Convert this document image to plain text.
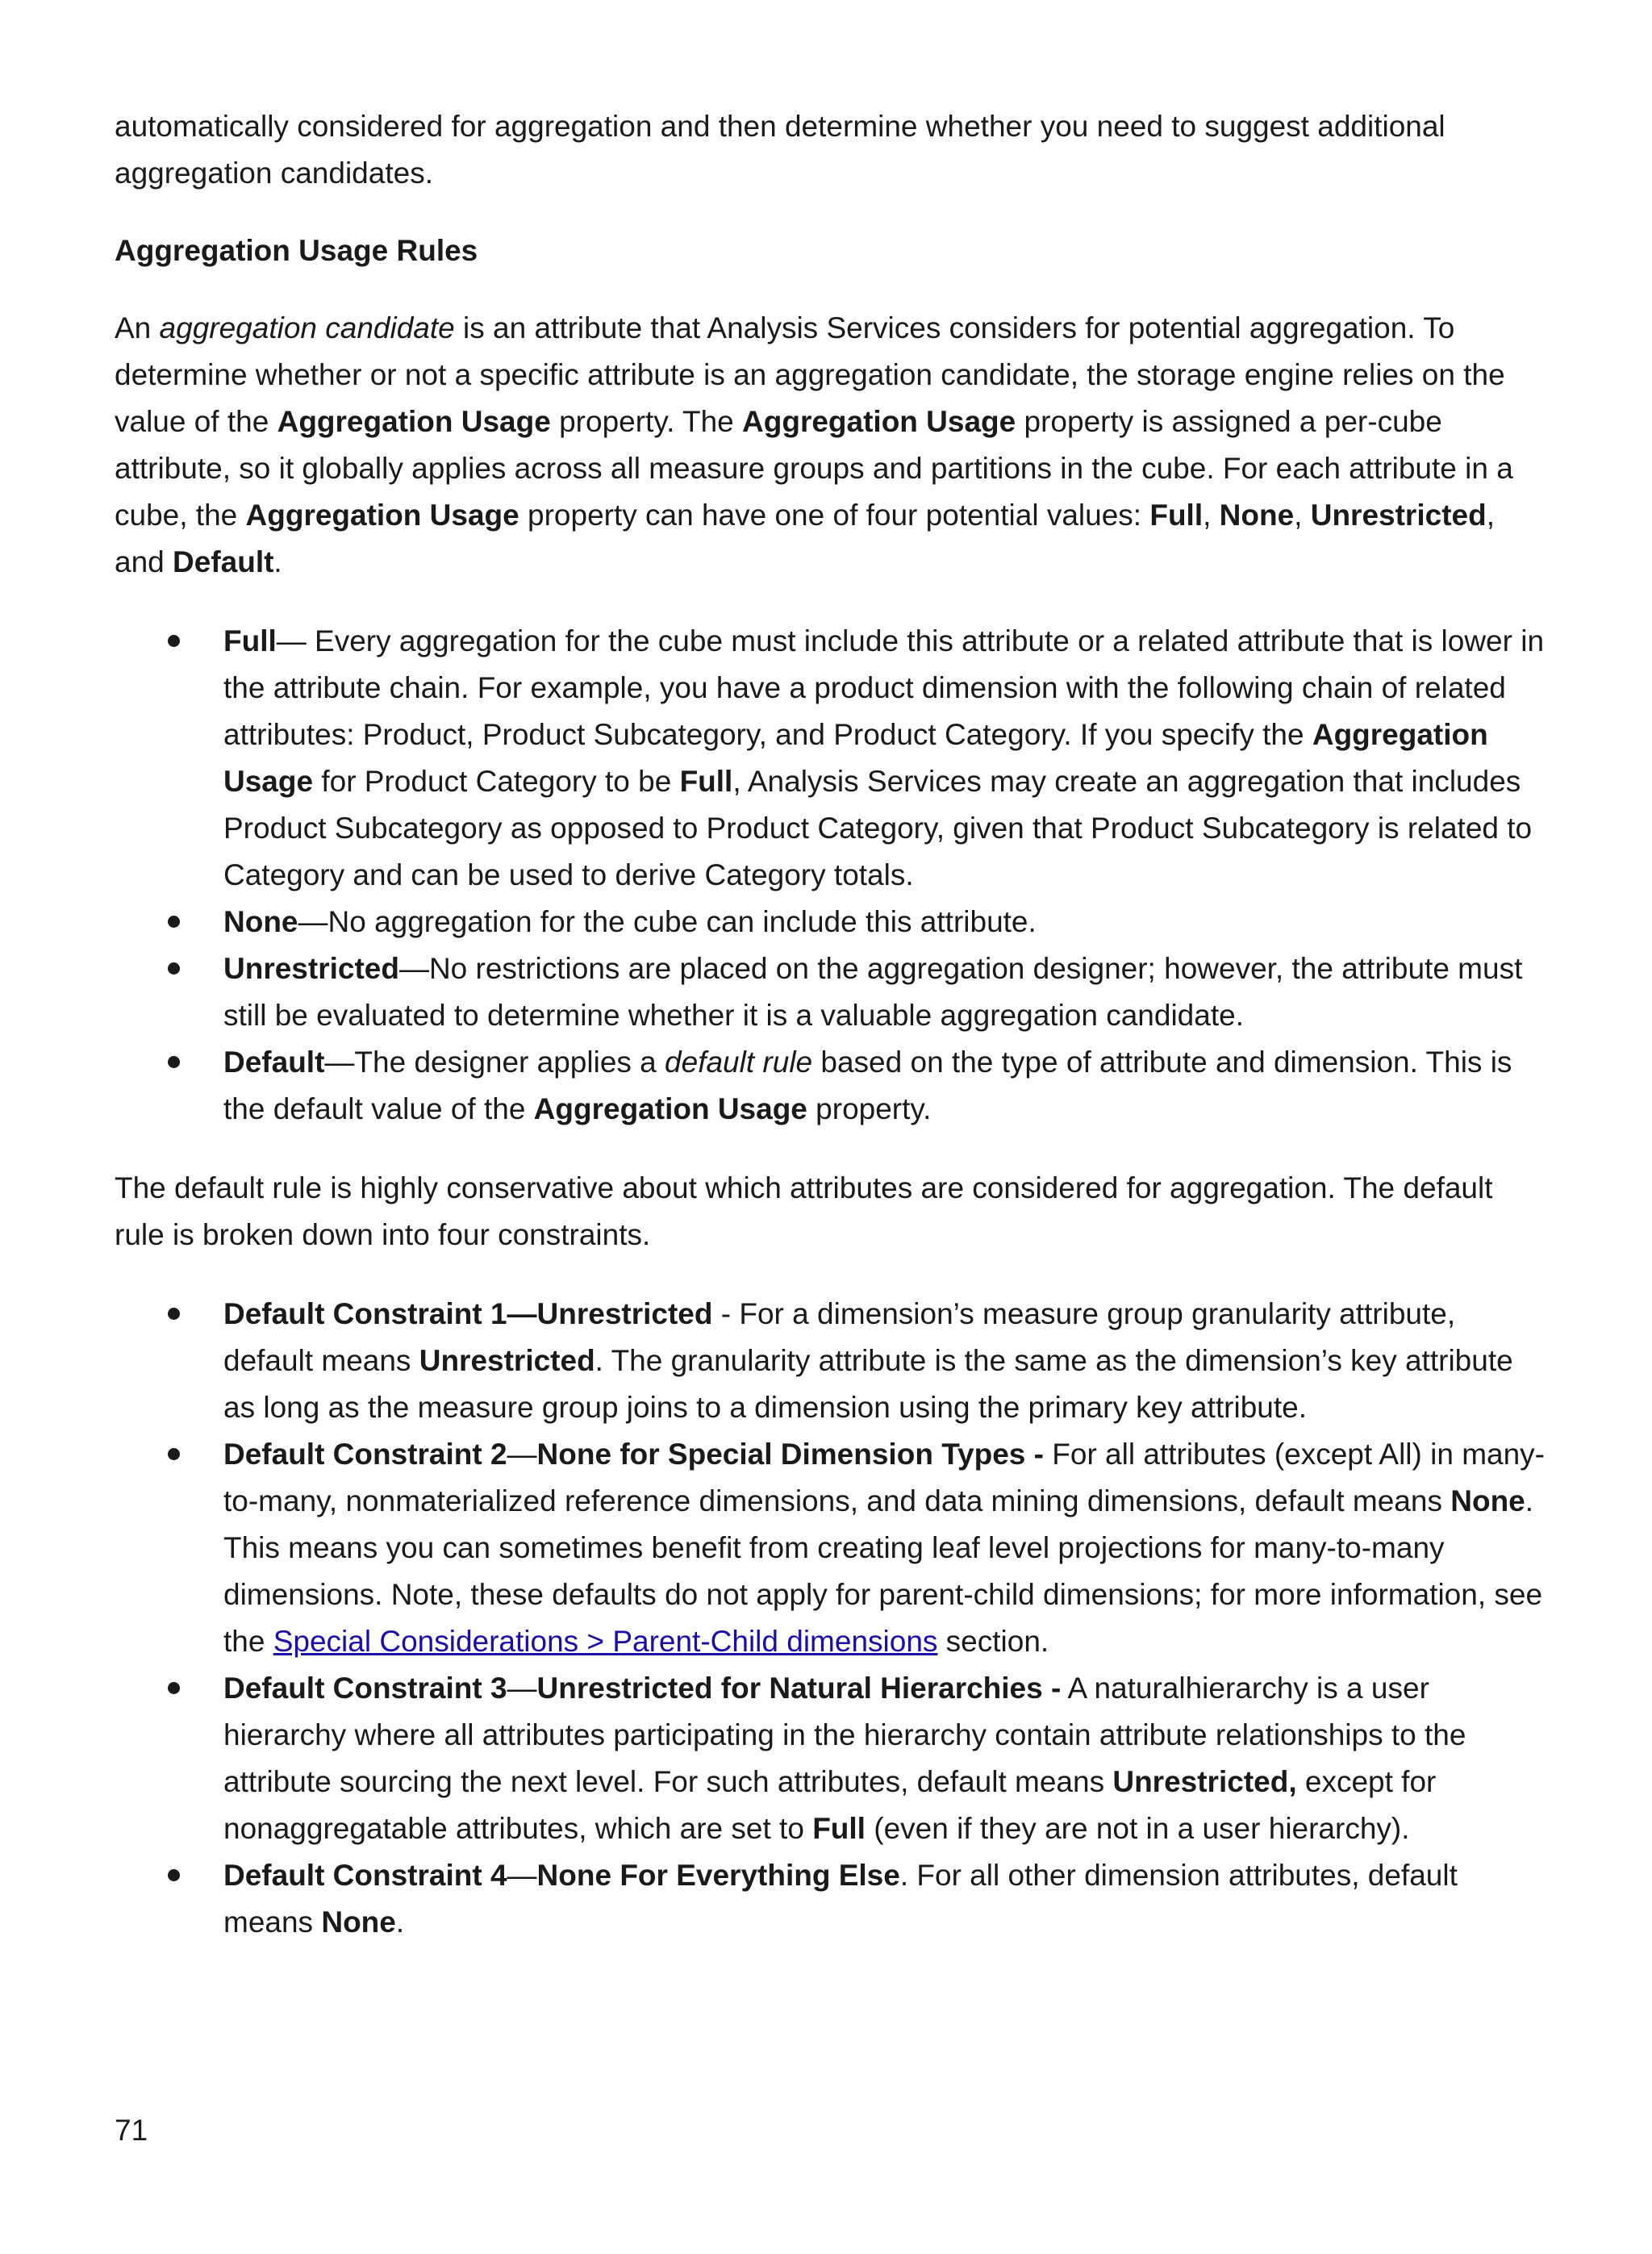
automatically considered for aggregation and then determine whether you need to suggest additional aggregation candidates.

Aggregation Usage Rules

An aggregation candidate is an attribute that Analysis Services considers for potential aggregation. To determine whether or not a specific attribute is an aggregation candidate, the storage engine relies on the value of the Aggregation Usage property. The Aggregation Usage property is assigned a per-cube attribute, so it globally applies across all measure groups and partitions in the cube. For each attribute in a cube, the Aggregation Usage property can have one of four potential values: Full, None, Unrestricted, and Default.

Full— Every aggregation for the cube must include this attribute or a related attribute that is lower in the attribute chain. For example, you have a product dimension with the following chain of related attributes: Product, Product Subcategory, and Product Category. If you specify the Aggregation Usage for Product Category to be Full, Analysis Services may create an aggregation that includes Product Subcategory as opposed to Product Category, given that Product Subcategory is related to Category and can be used to derive Category totals.
None—No aggregation for the cube can include this attribute.
Unrestricted—No restrictions are placed on the aggregation designer; however, the attribute must still be evaluated to determine whether it is a valuable aggregation candidate.
Default—The designer applies a default rule based on the type of attribute and dimension. This is the default value of the Aggregation Usage property.

The default rule is highly conservative about which attributes are considered for aggregation. The default rule is broken down into four constraints.

Default Constraint 1—Unrestricted - For a dimension’s measure group granularity attribute, default means Unrestricted. The granularity attribute is the same as the dimension’s key attribute as long as the measure group joins to a dimension using the primary key attribute.
Default Constraint 2—None for Special Dimension Types - For all attributes (except All) in many-to-many, nonmaterialized reference dimensions, and data mining dimensions, default means None. This means you can sometimes benefit from creating leaf level projections for many-to-many dimensions. Note, these defaults do not apply for parent-child dimensions; for more information, see the Special Considerations > Parent-Child dimensions section.
Default Constraint 3—Unrestricted for Natural Hierarchies - A naturalhierarchy is a user hierarchy where all attributes participating in the hierarchy contain attribute relationships to the attribute sourcing the next level. For such attributes, default means Unrestricted, except for nonaggregatable attributes, which are set to Full (even if they are not in a user hierarchy).
Default Constraint 4—None For Everything Else. For all other dimension attributes, default means None.
71
